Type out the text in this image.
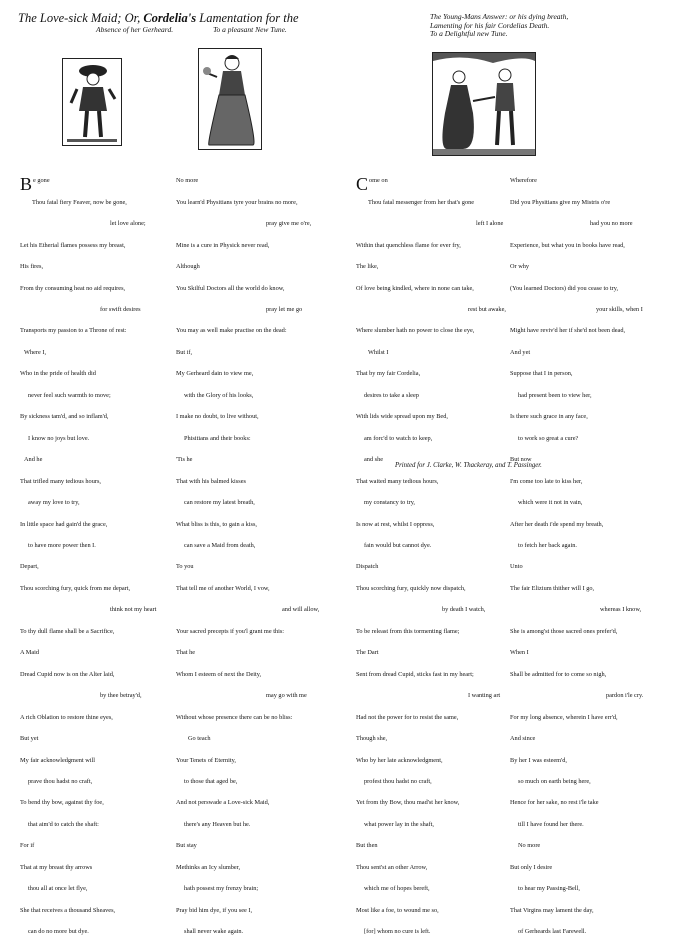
The Love-sick Maid; Or, Cordelia's Lamentation for the
Absence of her Gerheard.	To a pleasant New Tune.
The Young-Mans Answer: or his dying breath,
Lamenting for his fair Cordelias Death.
To a Delightful new Tune.

Be gone

Thou fatal fiery Feaver, now be gone,

let love alone;

Let his Etherial flames possess my breast,

His fires,

From thy consuming heat no aid requires,

for swift desires

Transports my passion to a Throne of rest:

Where I,

Who in the pride of health did

never feel such warmth to move;

By sickness tam'd, and so inflam'd,

I know no joys but love.

And he

That trifled many tedious hours,

away my love to try,

In little space had gain'd the grace,

to have more power then I.

Depart,

Thou scorching fury, quick from me depart,

think not my heart

To thy dull flame shall be a Sacrifice,

A Maid

Dread Cupid now is on the Alter laid,

by thee betray'd,

A rich Oblation to restore thine eyes,

But yet

My fair acknowledgment will

prave thou hadst no craft,

To bend thy bow, against thy foe,

that aim'd to catch the shaft:

For if

That at my breast thy arrows

thou all at once let flye,

She that receives a thousand Sheaves,

can do no more but dye.

No more

You learn'd Physitians tyre your brains no more,

pray give me o're,

Mine is a cure in Physick never read,

Although

You Skilful Doctors all the world do know,

pray let me go

You may as well make practise on the dead:

But if,

My Gerheard dain to view me,

with the Glory of his looks,

I make no doubt, to live without,

Phisitians and their books:

'Tis he

That with his balmed kisses

can restore my latest breath,

What bliss is this, to gain a kiss,

can save a Maid from death,

To you

That tell me of another World, I vow,

and will allow,

Your sacred precepts if you'l grant me this:

That he

Whom I esteem of next the Deity,

may go with me

Without whose presence there can be no bliss:

Go teach

Your Tenets of Eternity,

to those that aged be,

And not perswade a Love-sick Maid,

there's any Heaven but he.

But stay

Methinks an Icy slumber,

hath possest my frenzy brain;

Pray bid him dye, if you see I,

shall never wake again.

Come on

Thou fatal messenger from her that's gone

left I alone

Within that quenchless flame for ever fry,

The like,

Of love being kindled, where in none can take,

rest but awake,

Where slumber hath no power to close the eye,

Whilst I

That by my fair Cordelia,

desires to take a sleep

With lids wide spread upon my Bed,

am forc'd to watch to keep,

and she

That waited many tedious hours,

my constancy to try,

Is now at rest, whilst I oppress,

fain would but cannot dye.

Dispatch

Thou scorching fury, quickly now dispatch,

by death I watch,

To be releast from this tormenting flame;

The Dart

Sent from dread Cupid, sticks fast in my heart;

I wanting art

Had not the power for to resist the same,

Though she,

Who by her late acknowledgment,

profest thou hadst no craft,

Yet from thy Bow, thou mad'st her know,

what power lay in the shaft,

But then

Thou sent'st an other Arrow,

which me of hopes bereft,

Most like a foe, to wound me so,

[for] whom no cure is left.

Wherefore

Did you Physitians give my Mistris o're

had you no more

Experience, but what you in books have read,

Or why

(You learned Doctors) did you cease to try,

your skills, when I

Might have reviv'd her if she'd not been dead,

And yet

Suppose that I in person,

had present been to view her,

Is there such grace in any face,

to work so great a cure?

But now

I'm come too late to kiss her,

which were it not in vain,

After her death i'de spend my breath,

to fetch her back again.

Unto

The fair Elizium thither will I go,

whereas I know,

She is among'st those sacred ones prefer'd,

When I

Shall be admitted for to come so nigh,

pardon i'le cry.

For my long absence, wherein I have err'd,

And since

By her I was esteem'd,

so much on earth being here,

Hence for her sake, no rest i'le take

till I have found her there.

No more

But only I desire

to hear my Passing-Bell,

That Virgins may lament the day,

of Gerheards last Farewell.

Printed for J. Clarke, W. Thackeray, and T. Passinger.
